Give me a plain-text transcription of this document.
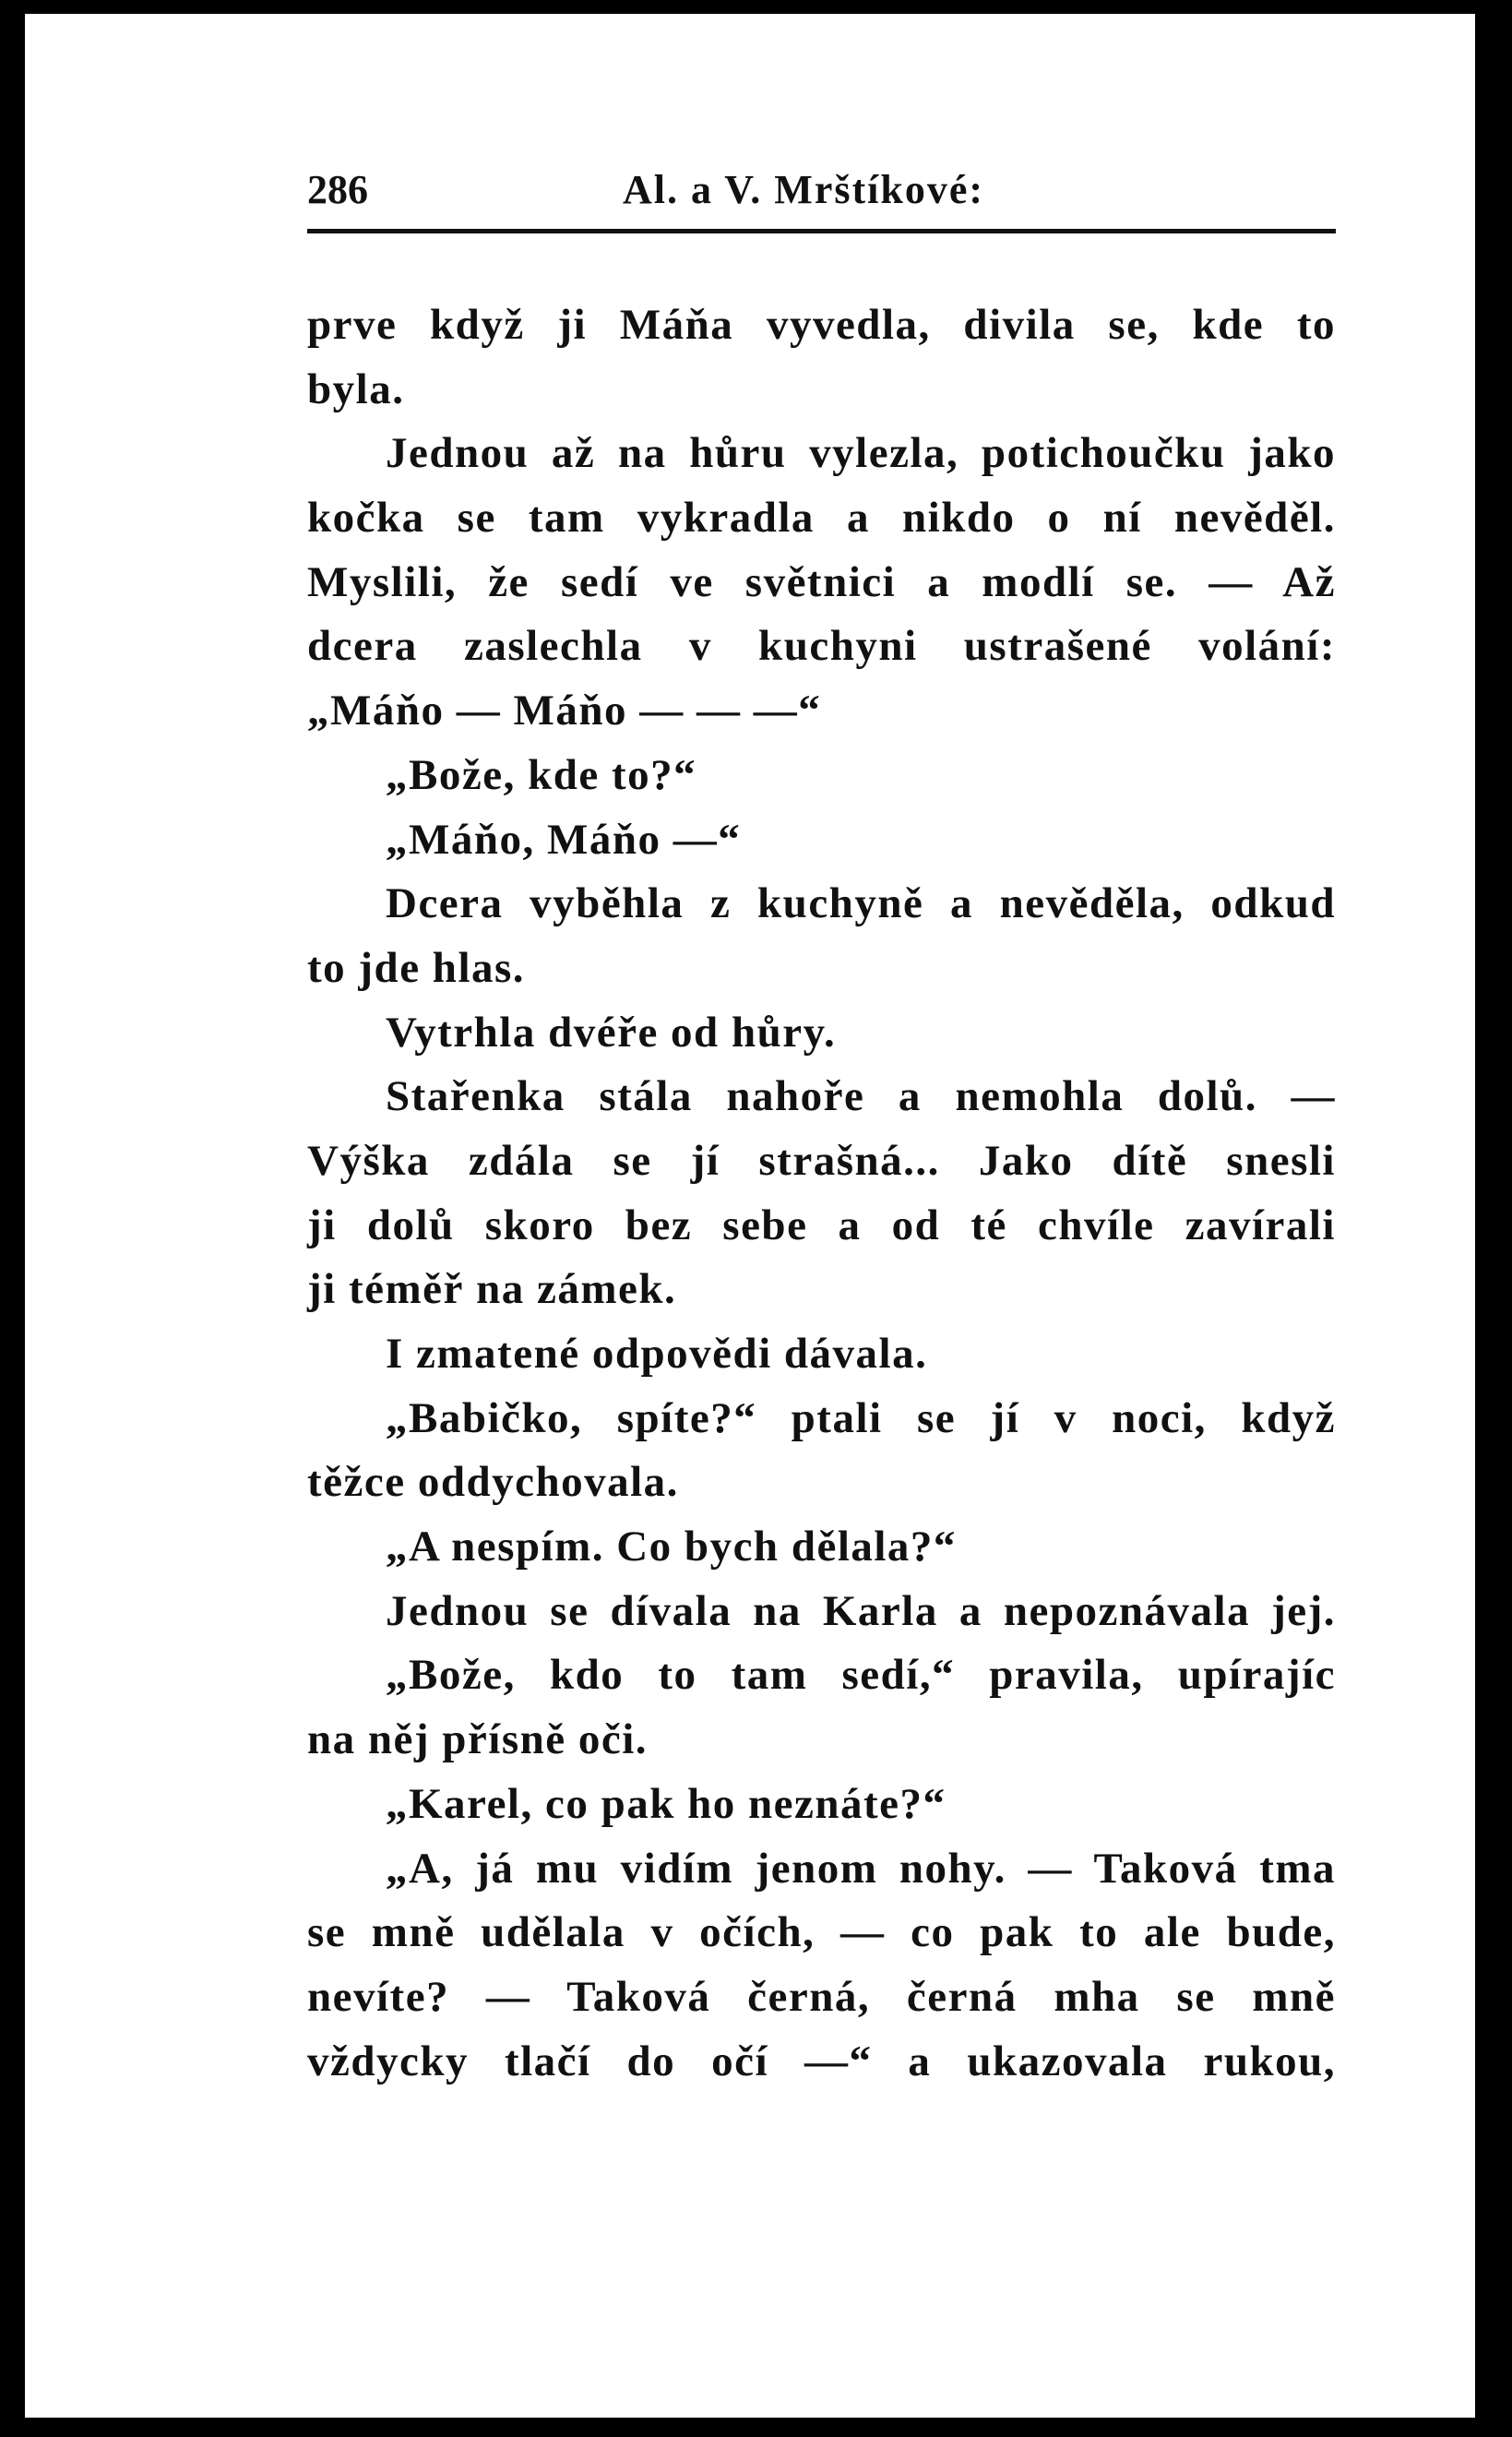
286	Al. a V. Mrštíkové:
prve když ji Máňa vyvedla, divila se, kde to
byla.
Jednou až na hůru vylezla, potichoučku jako
kočka se tam vykradla a nikdo o ní nevěděl.
Myslili, že sedí ve světnici a modlí se. — Až
dcera zaslechla v kuchyni ustrašené volání:
„Máňo — Máňo — — —“
„Bože, kde to?“
„Máňo, Máňo —“
Dcera vyběhla z kuchyně a nevěděla, odkud
to jde hlas.
Vytrhla dvéře od hůry.
Stařenka stála nahoře a nemohla dolů. —
Výška zdála se jí strašná... Jako dítě snesli
ji dolů skoro bez sebe a od té chvíle zavírali
ji téměř na zámek.
I zmatené odpovědi dávala.
„Babičko, spíte?“ ptali se jí v noci, když
těžce oddychovala.
„A nespím. Co bych dělala?“
Jednou se dívala na Karla a nepoznávala jej.
„Bože, kdo to tam sedí,“ pravila, upírajíc
na něj přísně oči.
„Karel, co pak ho neznáte?“
„A, já mu vidím jenom nohy. — Taková tma
se mně udělala v očích, — co pak to ale bude,
nevíte? — Taková černá, černá mha se mně
vždycky tlačí do očí —“ a ukazovala rukou,
